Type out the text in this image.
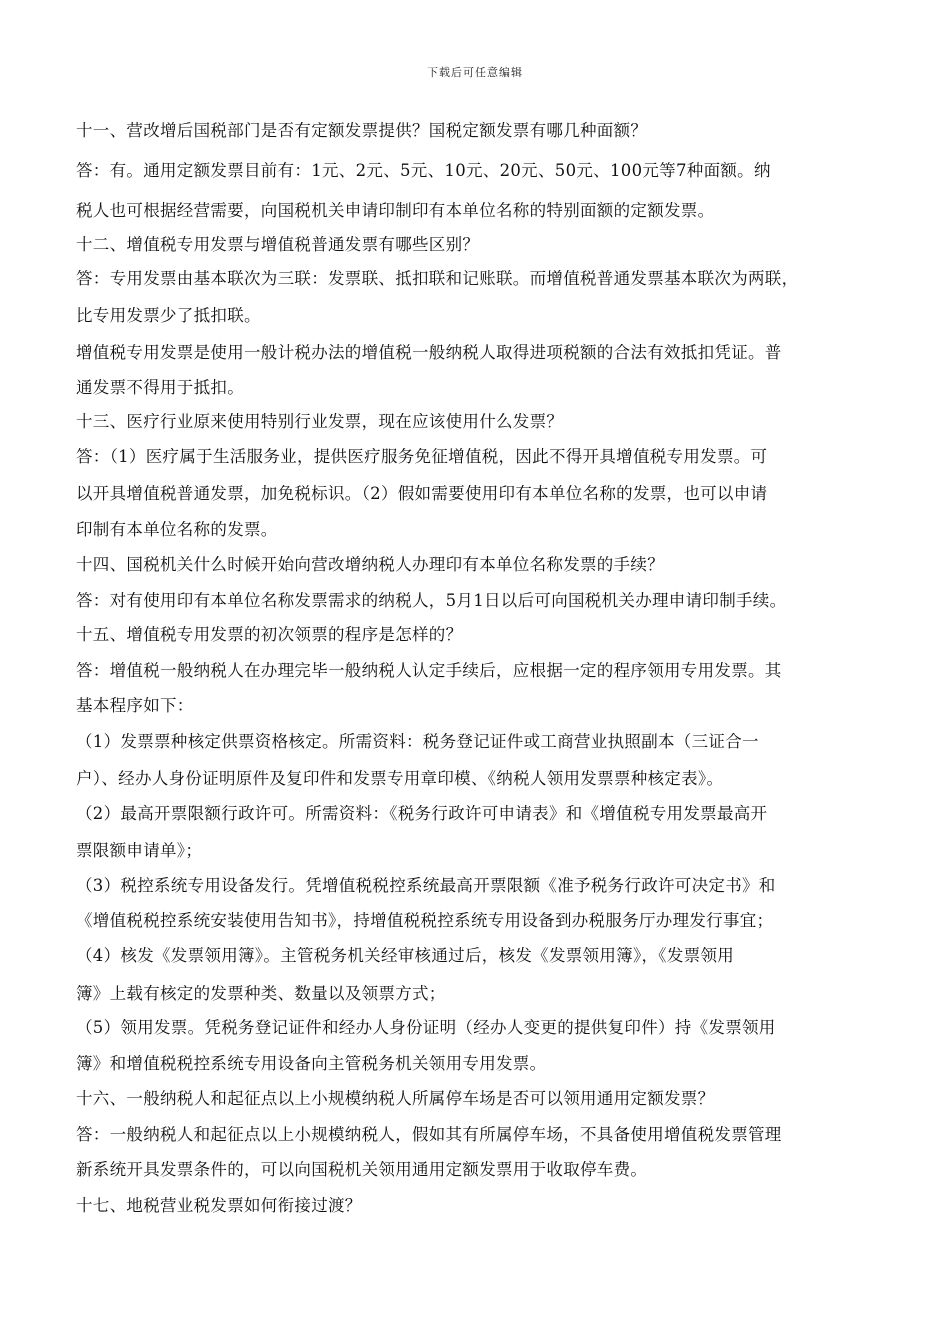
下载后可任意编辑
十一、营改增后国税部门是否有定额发票提供？国税定额发票有哪几种面额？
答：有。通用定额发票目前有：1元、2元、5元、10元、20元、50元、100元等7种面额。纳
税人也可根据经营需要，向国税机关申请印制印有本单位名称的特别面额的定额发票。
十二、增值税专用发票与增值税普通发票有哪些区别？
答：专用发票由基本联次为三联：发票联、抵扣联和记账联。而增值税普通发票基本联次为两联，
比专用发票少了抵扣联。
增值税专用发票是使用一般计税办法的增值税一般纳税人取得进项税额的合法有效抵扣凭证。普
通发票不得用于抵扣。
十三、医疗行业原来使用特别行业发票，现在应该使用什么发票？
答：（1）医疗属于生活服务业，提供医疗服务免征增值税，因此不得开具增值税专用发票。可
以开具增值税普通发票，加免税标识。（2）假如需要使用印有本单位名称的发票，也可以申请
印制有本单位名称的发票。
十四、国税机关什么时候开始向营改增纳税人办理印有本单位名称发票的手续？
答：对有使用印有本单位名称发票需求的纳税人，5月1日以后可向国税机关办理申请印制手续。
十五、增值税专用发票的初次领票的程序是怎样的？
答：增值税一般纳税人在办理完毕一般纳税人认定手续后，应根据一定的程序领用专用发票。其
基本程序如下：
（1）发票票种核定供票资格核定。所需资料：税务登记证件或工商营业执照副本（三证合一
户）、经办人身份证明原件及复印件和发票专用章印模、《纳税人领用发票票种核定表》。
（2）最高开票限额行政许可。所需资料：《税务行政许可申请表》和《增值税专用发票最高开
票限额申请单》；
（3）税控系统专用设备发行。凭增值税税控系统最高开票限额《准予税务行政许可决定书》和
《增值税税控系统安装使用告知书》，持增值税税控系统专用设备到办税服务厅办理发行事宜；
（4）核发《发票领用簿》。主管税务机关经审核通过后，核发《发票领用簿》，《发票领用
簿》上载有核定的发票种类、数量以及领票方式；
（5）领用发票。凭税务登记证件和经办人身份证明（经办人变更的提供复印件）持《发票领用
簿》和增值税税控系统专用设备向主管税务机关领用专用发票。
十六、一般纳税人和起征点以上小规模纳税人所属停车场是否可以领用通用定额发票？
答：一般纳税人和起征点以上小规模纳税人，假如其有所属停车场，不具备使用增值税发票管理
新系统开具发票条件的，可以向国税机关领用通用定额发票用于收取停车费。
十七、地税营业税发票如何衔接过渡？
